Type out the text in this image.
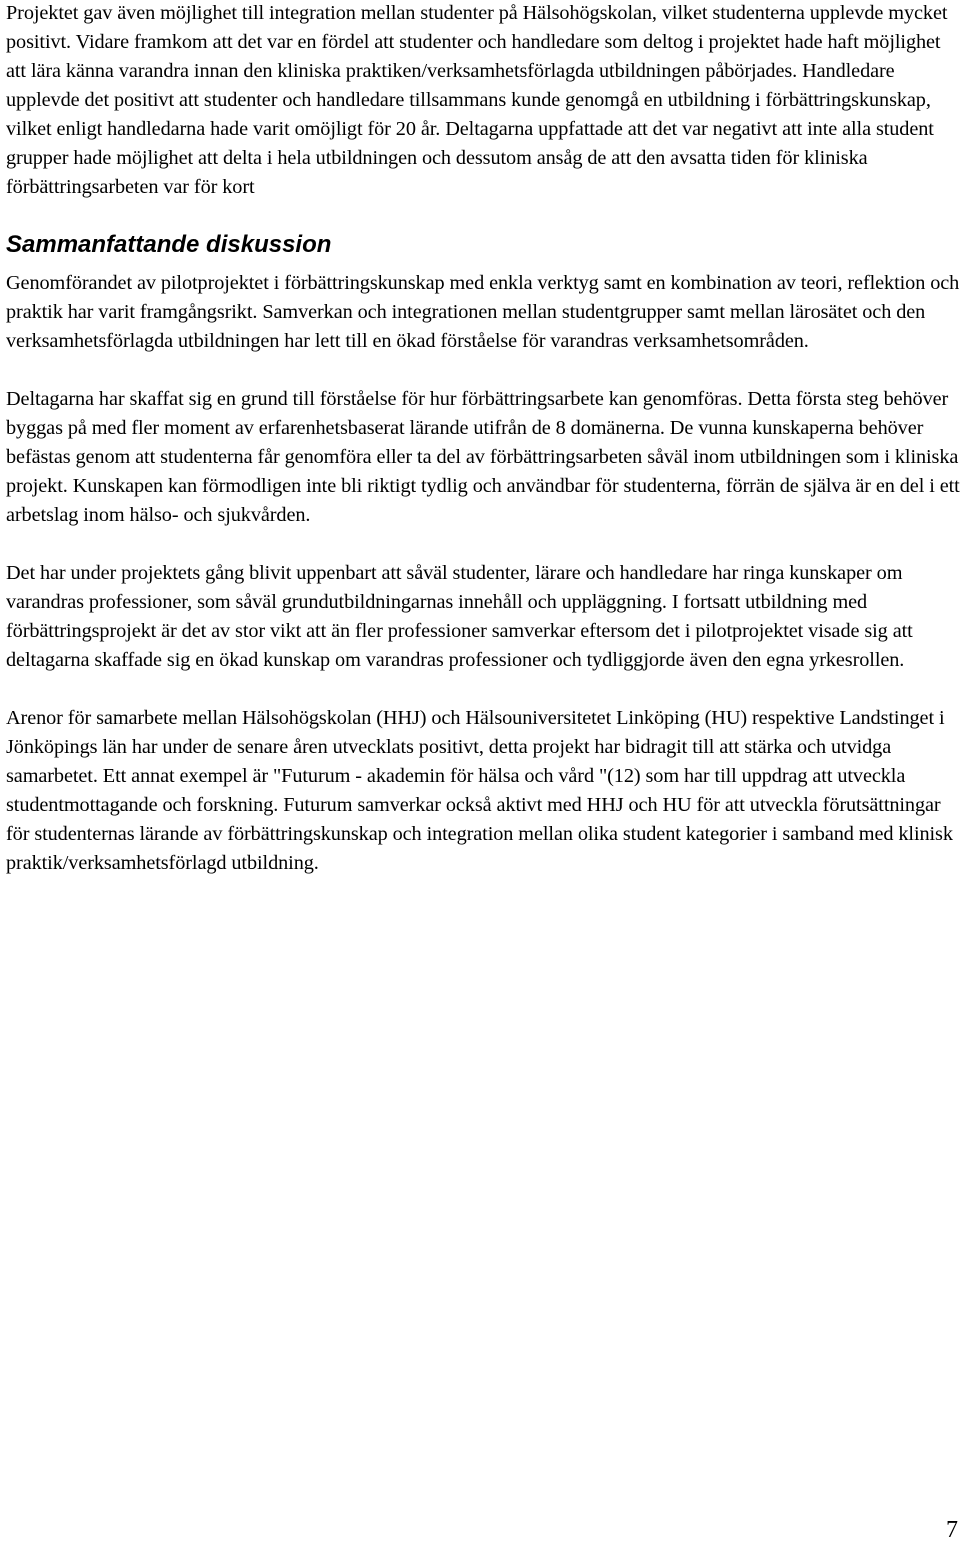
Projektet gav även möjlighet till integration mellan studenter på Hälsohögskolan, vilket studenterna upplevde mycket positivt. Vidare framkom att det var en fördel att studenter och handledare som deltog i projektet hade haft möjlighet att lära känna varandra innan den kliniska praktiken/verksamhetsförlagda utbildningen påbörjades. Handledare upplevde det positivt att studenter och handledare tillsammans kunde genomgå en utbildning i förbättringskunskap, vilket enligt handledarna hade varit omöjligt för 20 år. Deltagarna uppfattade att det var negativt att inte alla student grupper hade möjlighet att delta i hela utbildningen och dessutom ansåg de att den avsatta tiden för kliniska förbättringsarbeten var för kort

Sammanfattande diskussion

Genomförandet av pilotprojektet i förbättringskunskap med enkla verktyg samt en kombination av teori, reflektion och praktik har varit framgångsrikt. Samverkan och integrationen mellan studentgrupper samt mellan lärosätet och den verksamhetsförlagda utbildningen har lett till en ökad förståelse för varandras verksamhetsområden.

Deltagarna har skaffat sig en grund till förståelse för hur förbättringsarbete kan genomföras. Detta första steg behöver byggas på med fler moment av erfarenhetsbaserat lärande utifrån de 8 domänerna. De vunna kunskaperna behöver befästas genom att studenterna får genomföra eller ta del av förbättringsarbeten såväl inom utbildningen som i kliniska projekt. Kunskapen kan förmodligen inte bli riktigt tydlig och användbar för studenterna, förrän de själva är en del i ett arbetslag inom hälso- och sjukvården.

Det har under projektets gång blivit uppenbart att såväl studenter, lärare och handledare har ringa kunskaper om varandras professioner, som såväl grundutbildningarnas innehåll och uppläggning. I fortsatt utbildning med förbättringsprojekt är det av stor vikt att än fler professioner samverkar eftersom det i pilotprojektet visade sig att deltagarna skaffade sig en ökad kunskap om varandras professioner och tydliggjorde även den egna yrkesrollen.

Arenor för samarbete mellan Hälsohögskolan (HHJ) och Hälsouniversitetet Linköping (HU) respektive Landstinget i Jönköpings län har under de senare åren utvecklats positivt, detta projekt har bidragit till att stärka och utvidga samarbetet. Ett annat exempel är "Futurum - akademin för hälsa och vård "(12) som har till uppdrag att utveckla studentmottagande och forskning. Futurum samverkar också aktivt med HHJ och HU för att utveckla förutsättningar för studenternas lärande av förbättringskunskap och integration mellan olika student kategorier i samband med klinisk praktik/verksamhetsförlagd utbildning.

7
